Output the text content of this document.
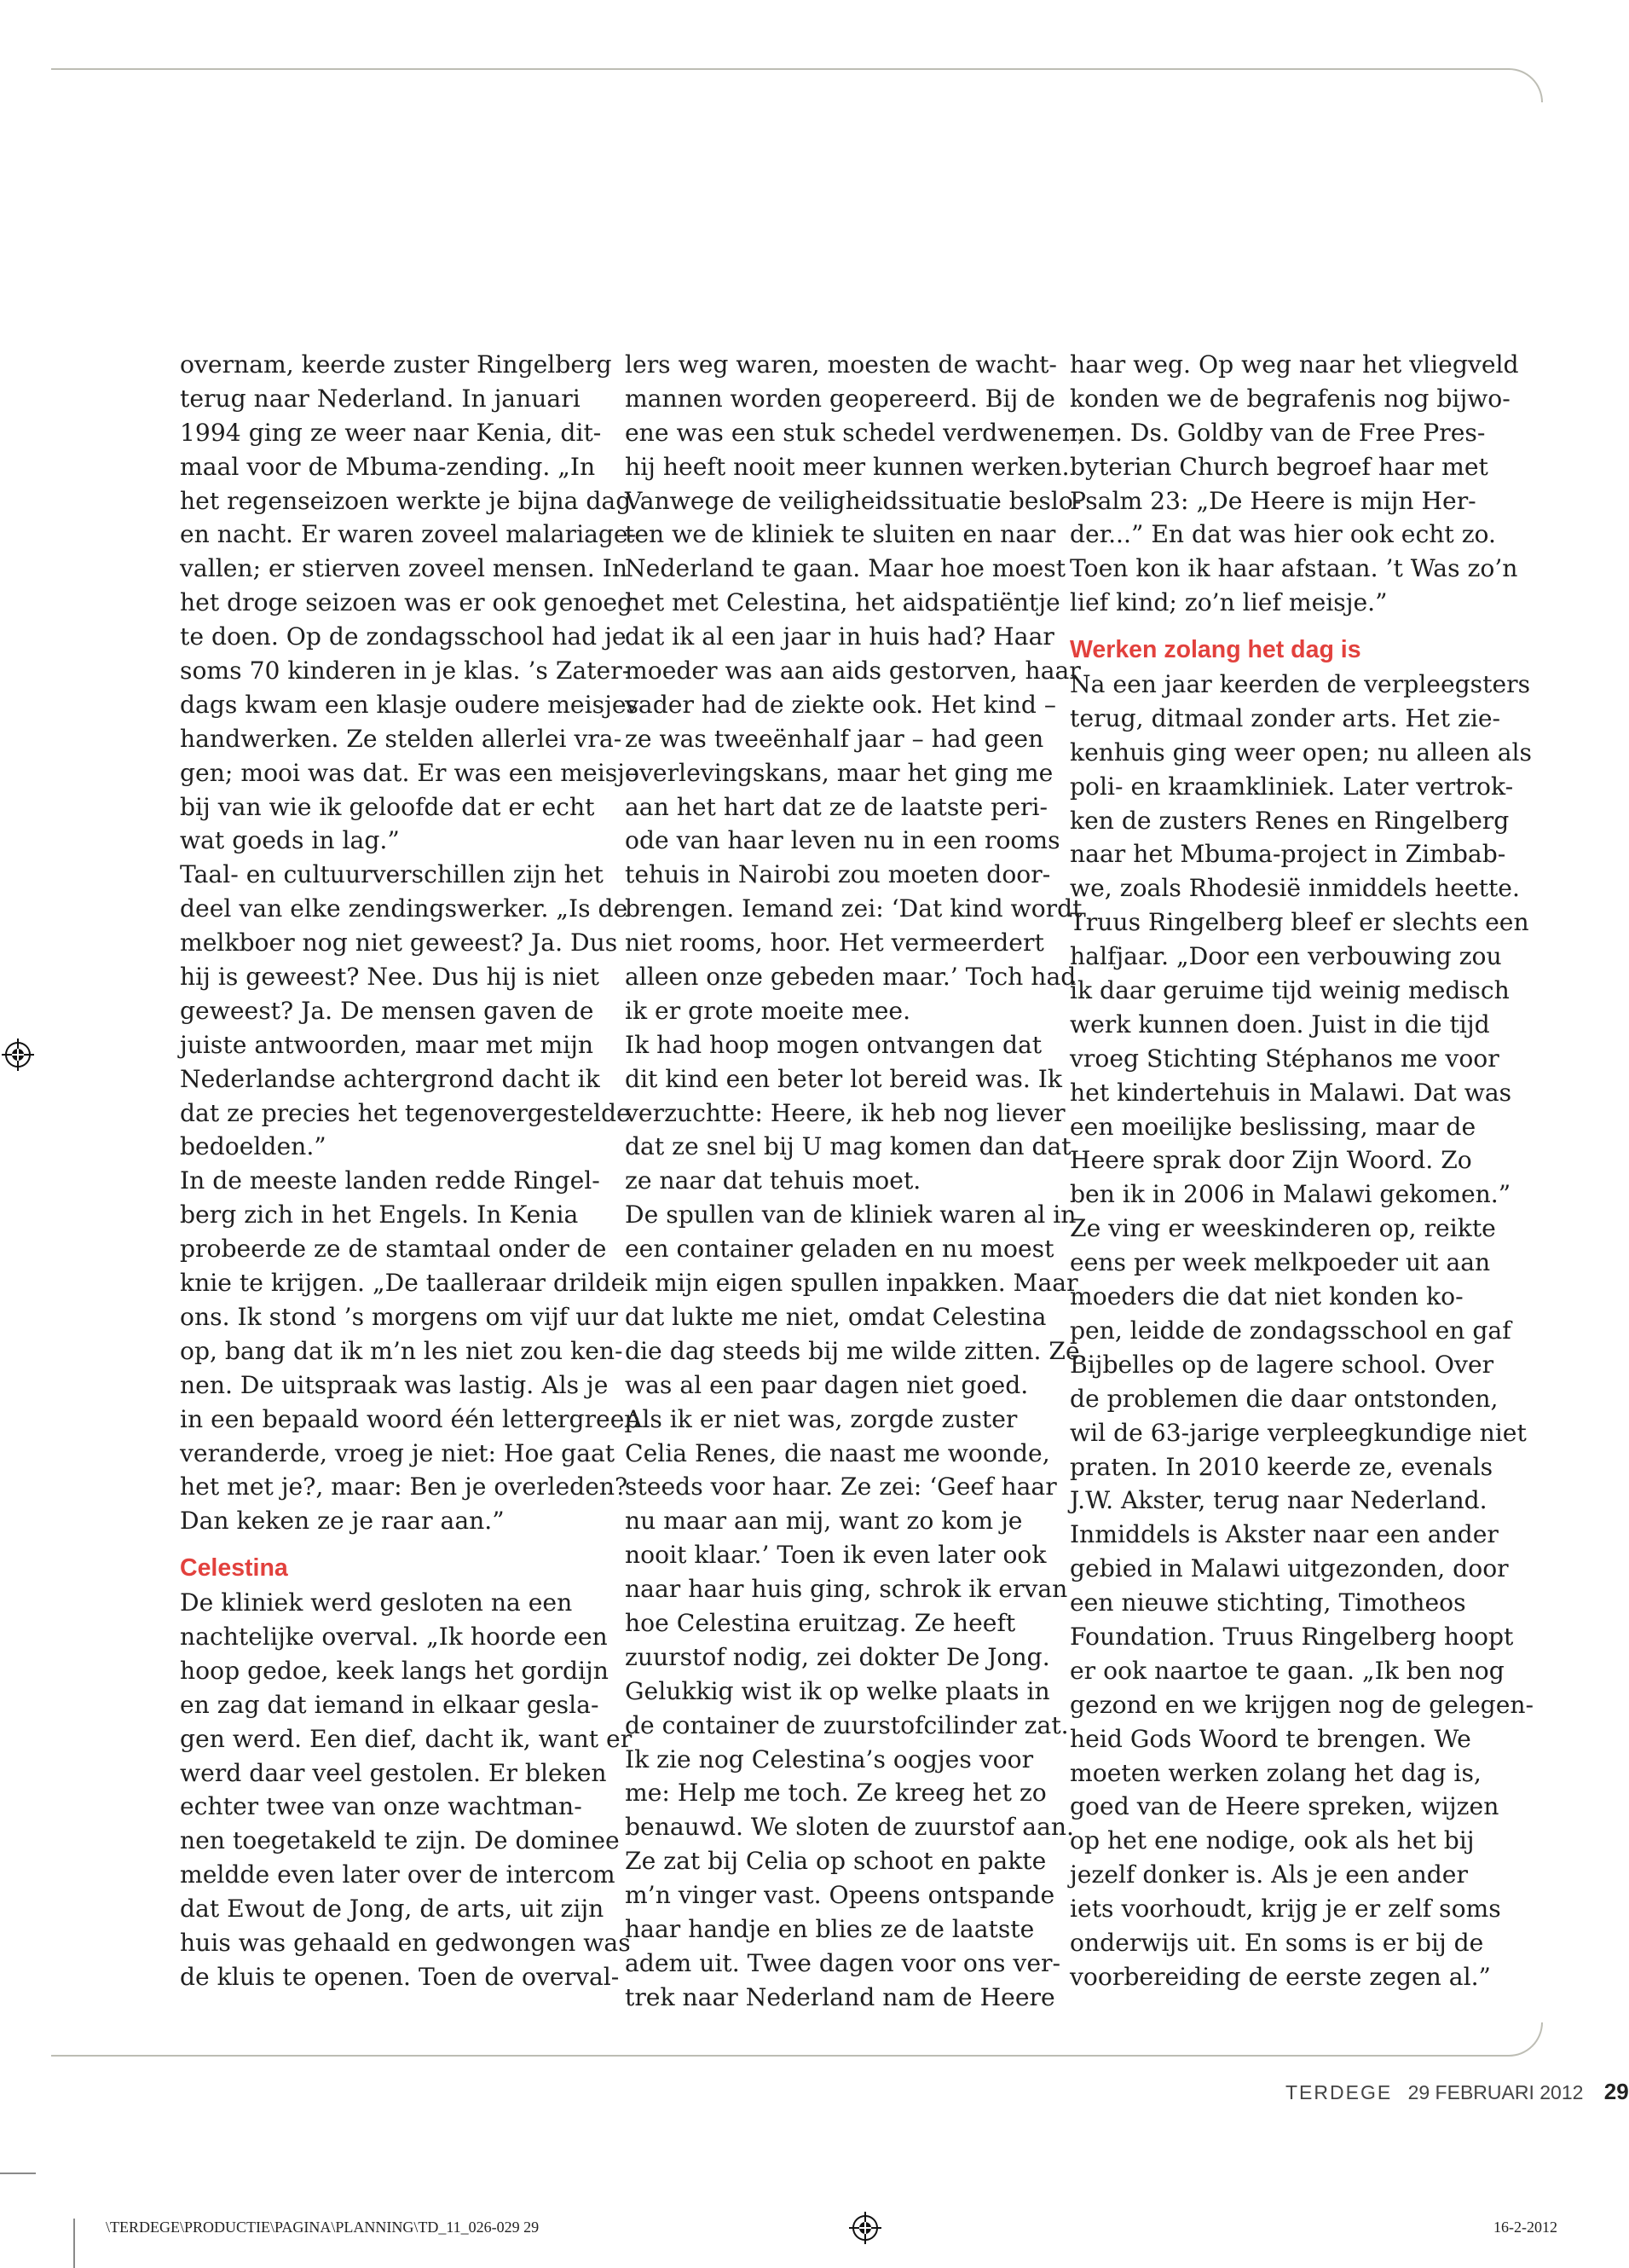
overnam, keerde zuster Ringelberg
terug naar Nederland. In januari
1994 ging ze weer naar Kenia, dit-
maal voor de Mbuma-zending. „In
het regenseizoen werkte je bijna dag
en nacht. Er waren zoveel malariage-
vallen; er stierven zoveel mensen. In
het droge seizoen was er ook genoeg
te doen. Op de zondagsschool had je
soms 70 kinderen in je klas. ’s Zater-
dags kwam een klasje oudere meisjes
handwerken. Ze stelden allerlei vra-
gen; mooi was dat. Er was een meisje
bij van wie ik geloofde dat er echt
wat goeds in lag.”
Taal- en cultuurverschillen zijn het
deel van elke zendingswerker. „Is de
melkboer nog niet geweest? Ja. Dus
hij is geweest? Nee. Dus hij is niet
geweest? Ja. De mensen gaven de
juiste antwoorden, maar met mijn
Nederlandse achtergrond dacht ik
dat ze precies het tegenovergestelde
bedoelden.”
In de meeste landen redde Ringel-
berg zich in het Engels. In Kenia
probeerde ze de stamtaal onder de
knie te krijgen. „De taalleraar drilde
ons. Ik stond ’s morgens om vijf uur
op, bang dat ik m’n les niet zou ken-
nen. De uitspraak was lastig. Als je
in een bepaald woord één lettergreep
veranderde, vroeg je niet: Hoe gaat
het met je?, maar: Ben je overleden?
Dan keken ze je raar aan.”
Celestina
De kliniek werd gesloten na een
nachtelijke overval. „Ik hoorde een
hoop gedoe, keek langs het gordijn
en zag dat iemand in elkaar gesla-
gen werd. Een dief, dacht ik, want er
werd daar veel gestolen. Er bleken
echter twee van onze wachtman-
nen toegetakeld te zijn. De dominee
meldde even later over de intercom
dat Ewout de Jong, de arts, uit zijn
huis was gehaald en gedwongen was
de kluis te openen. Toen de overval-
lers weg waren, moesten de wacht-
mannen worden geopereerd. Bij de
ene was een stuk schedel verdwenen;
hij heeft nooit meer kunnen werken.
Vanwege de veiligheidssituatie beslo-
ten we de kliniek te sluiten en naar
Nederland te gaan. Maar hoe moest
het met Celestina, het aidspatiëntje
dat ik al een jaar in huis had? Haar
moeder was aan aids gestorven, haar
vader had de ziekte ook. Het kind –
ze was tweeënhalf jaar – had geen
overlevingskans, maar het ging me
aan het hart dat ze de laatste peri-
ode van haar leven nu in een rooms
tehuis in Nairobi zou moeten door-
brengen. Iemand zei: ‘Dat kind wordt
niet rooms, hoor. Het vermeerdert
alleen onze gebeden maar.’ Toch had
ik er grote moeite mee.
Ik had hoop mogen ontvangen dat
dit kind een beter lot bereid was. Ik
verzuchtte: Heere, ik heb nog liever
dat ze snel bij U mag komen dan dat
ze naar dat tehuis moet.
De spullen van de kliniek waren al in
een container geladen en nu moest
ik mijn eigen spullen inpakken. Maar
dat lukte me niet, omdat Celestina
die dag steeds bij me wilde zitten. Ze
was al een paar dagen niet goed.
Als ik er niet was, zorgde zuster
Celia Renes, die naast me woonde,
steeds voor haar. Ze zei: ‘Geef haar
nu maar aan mij, want zo kom je
nooit klaar.’ Toen ik even later ook
naar haar huis ging, schrok ik ervan
hoe Celestina eruitzag. Ze heeft
zuurstof nodig, zei dokter De Jong.
Gelukkig wist ik op welke plaats in
de container de zuurstofcilinder zat.
Ik zie nog Celestina’s oogjes voor
me: Help me toch. Ze kreeg het zo
benauwd. We sloten de zuurstof aan.
Ze zat bij Celia op schoot en pakte
m’n vinger vast. Opeens ontspande
haar handje en blies ze de laatste
adem uit. Twee dagen voor ons ver-
trek naar Nederland nam de Heere
haar weg. Op weg naar het vliegveld
konden we de begrafenis nog bijwo-
nen. Ds. Goldby van de Free Pres-
byterian Church begroef haar met
Psalm 23: „De Heere is mijn Her-
der...” En dat was hier ook echt zo.
Toen kon ik haar afstaan. ’t Was zo’n
lief kind; zo’n lief meisje.”
Werken zolang het dag is
Na een jaar keerden de verpleegsters
terug, ditmaal zonder arts. Het zie-
kenhuis ging weer open; nu alleen als
poli- en kraamkliniek. Later vertrok-
ken de zusters Renes en Ringelberg
naar het Mbuma-project in Zimbab-
we, zoals Rhodesië inmiddels heette.
Truus Ringelberg bleef er slechts een
halfjaar. „Door een verbouwing zou
ik daar geruime tijd weinig medisch
werk kunnen doen. Juist in die tijd
vroeg Stichting Stéphanos me voor
het kindertehuis in Malawi. Dat was
een moeilijke beslissing, maar de
Heere sprak door Zijn Woord. Zo
ben ik in 2006 in Malawi gekomen.”
Ze ving er weeskinderen op, reikte
eens per week melkpoeder uit aan
moeders die dat niet konden ko-
pen, leidde de zondagsschool en gaf
Bijbelles op de lagere school. Over
de problemen die daar ontstonden,
wil de 63-jarige verpleegkundige niet
praten. In 2010 keerde ze, evenals
J.W. Akster, terug naar Nederland.
Inmiddels is Akster naar een ander
gebied in Malawi uitgezonden, door
een nieuwe stichting, Timotheos
Foundation. Truus Ringelberg hoopt
er ook naartoe te gaan. „Ik ben nog
gezond en we krijgen nog de gelegen-
heid Gods Woord te brengen. We
moeten werken zolang het dag is,
goed van de Heere spreken, wijzen
op het ene nodige, ook als het bij
jezelf donker is. Als je een ander
iets voorhoudt, krijg je er zelf soms
onderwijs uit. En soms is er bij de
voorbereiding de eerste zegen al.”
TERDEGE 29 FEBRUARI 2012 29
\TERDEGE\PRODUCTIE\PAGINA\PLANNING\TD_11_026-029 29	16-2-2012
